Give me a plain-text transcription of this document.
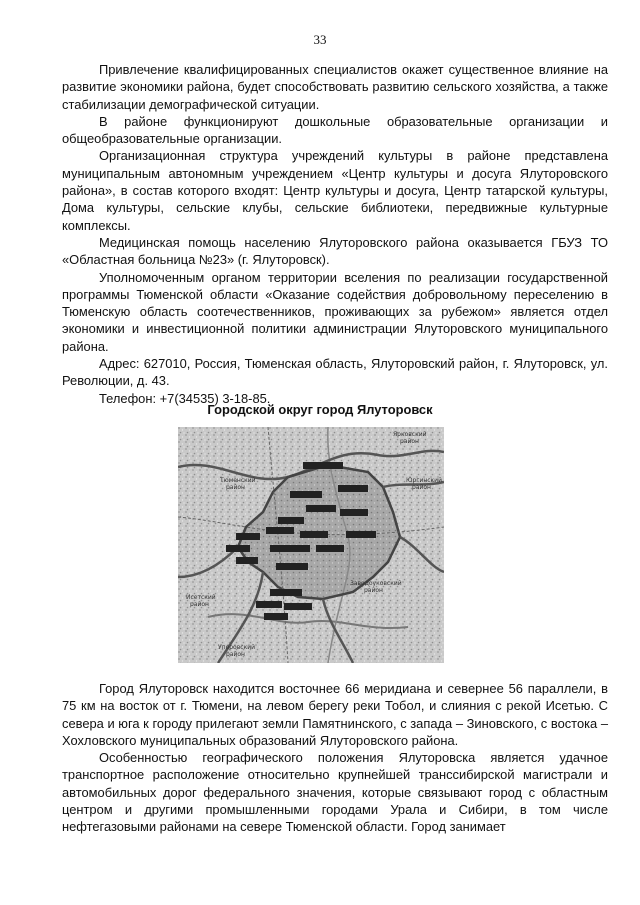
33

Привлечение квалифицированных специалистов окажет существенное влияние на развитие экономики района, будет способствовать развитию сельского хозяйства, а также стабилизации демографической ситуации.

В районе функционируют дошкольные образовательные организации и общеобразовательные организации.

Организационная структура учреждений культуры в районе представлена муниципальным автономным учреждением «Центр культуры и досуга Ялуторовского района», в состав которого входят: Центр культуры и досуга, Центр татарской культуры, Дома культуры, сельские клубы, сельские библиотеки, передвижные культурные комплексы.

Медицинская помощь населению Ялуторовского района оказывается ГБУЗ ТО «Областная больница №23» (г. Ялуторовск).

Уполномоченным органом территории вселения по реализации государственной программы Тюменской области «Оказание содействия добровольному переселению в Тюменскую область соотечественников, проживающих за рубежом» является отдел экономики и инвестиционной политики администрации Ялуторовского муниципального района.

Адрес: 627010, Россия, Тюменская область, Ялуторовский район, г. Ялуторовск, ул. Революции, д. 43.

Телефон: +7(34535) 3-18-85.

Городской округ город Ялуторовск
Ярковский район
Тюменский район
Юргинский район
Заводоуковский район
Исетский район
Упоровский район

Город Ялуторовск находится восточнее 66 меридиана и севернее 56 параллели, в 75 км на восток от г. Тюмени, на левом берегу реки Тобол, и слияния с рекой Исетью. С севера и юга к городу прилегают земли Памятнинского, с запада – Зиновского, с востока – Хохловского муниципальных образований Ялуторовского района.

Особенностью географического положения Ялуторовска является удачное транспортное расположение относительно крупнейшей транссибирской магистрали и автомобильных дорог федерального значения, которые связывают город с областным центром и другими промышленными городами Урала и Сибири, в том числе нефтегазовыми районами на севере Тюменской области. Город занимает
